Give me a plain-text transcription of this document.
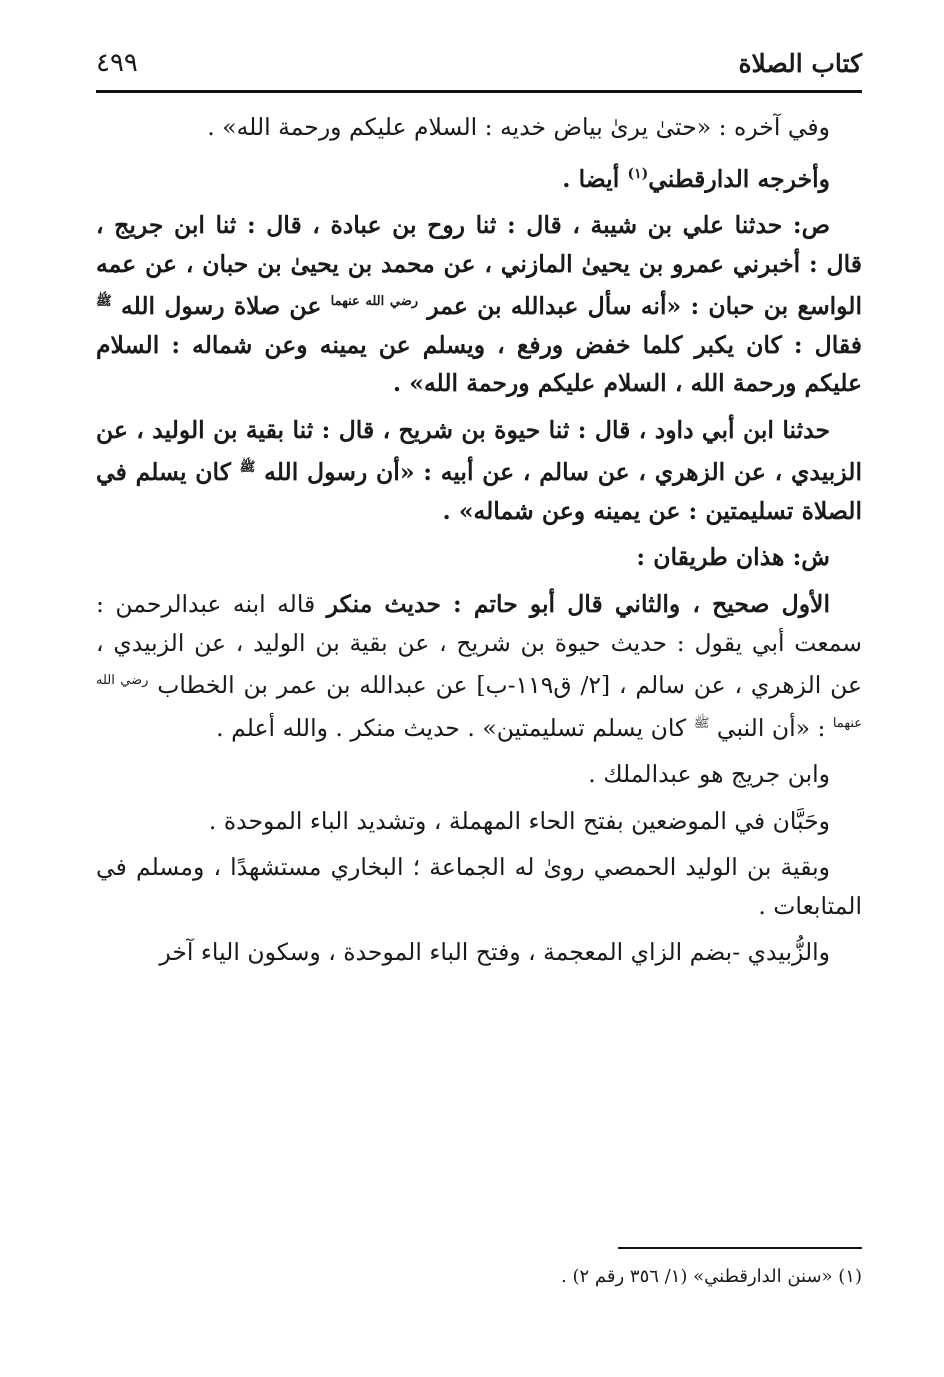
كتاب الصلاة
٤٩٩

وفي آخره : «حتىٰ يرىٰ بياض خديه : السلام عليكم ورحمة الله» .

وأخرجه الدارقطني$^{(١)}$ أيضا .

ص: حدثنا علي بن شيبة ، قال : ثنا روح بن عبادة ، قال : ثنا ابن جريج ، قال : أخبرني عمرو بن يحيىٰ المازني ، عن محمد بن يحيىٰ بن حبان ، عن عمه الواسع بن حبان : «أنه سأل عبدالله بن عمر $^{رضي الله عنهما}$ عن صلاة رسول الله $^ﷺ$ فقال : كان يكبر كلما خفض ورفع ، ويسلم عن يمينه وعن شماله : السلام عليكم ورحمة الله ، السلام عليكم ورحمة الله» .

حدثنا ابن أبي داود ، قال : ثنا حيوة بن شريح ، قال : ثنا بقية بن الوليد ، عن الزبيدي ، عن الزهري ، عن سالم ، عن أبيه : «أن رسول الله $^ﷺ$ كان يسلم في الصلاة تسليمتين : عن يمينه وعن شماله» .

ش: هذان طريقان :

الأول صحيح ، والثاني قال أبو حاتم : حديث منكر قاله ابنه عبدالرحمن : سمعت أبي يقول : حديث حيوة بن شريح ، عن بقية بن الوليد ، عن الزبيدي ، عن الزهري ، عن سالم ، [٢/ ق١١٩-ب] عن عبدالله بن عمر بن الخطاب $^{رضي الله عنهما}$ : «أن النبي $^ﷺ$ كان يسلم تسليمتين» . حديث منكر . والله أعلم .

وابن جريج هو عبدالملك .

وحَبَّان في الموضعين بفتح الحاء المهملة ، وتشديد الباء الموحدة .

وبقية بن الوليد الحمصي روىٰ له الجماعة ؛ البخاري مستشهدًا ، ومسلم في المتابعات .

والزُّبيدي -بضم الزاي المعجمة ، وفتح الباء الموحدة ، وسكون الياء آخر

(١) «سنن الدارقطني» (١/ ٣٥٦ رقم ٢) .
